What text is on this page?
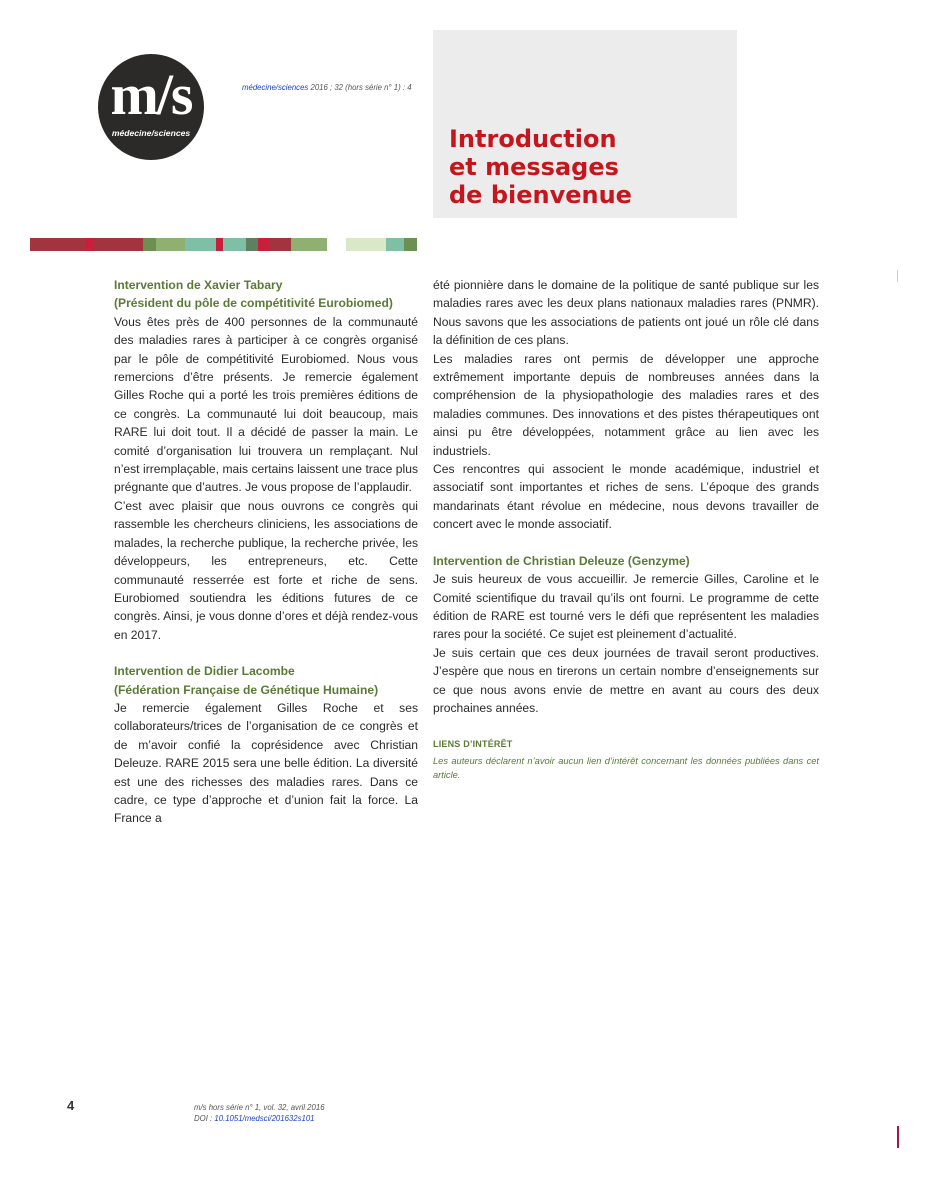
m/s
médecine/sciences
médecine/sciences 2016 ; 32 (hors série n° 1) : 4
Introduction
et messages
de bienvenue

Intervention de Xavier Tabary

(Président du pôle de compétitivité Eurobiomed)

Vous êtes près de 400 personnes de la communauté des maladies rares à participer à ce congrès organisé par le pôle de compétitivité Eurobiomed. Nous vous remercions d’être présents. Je remercie également Gilles Roche qui a porté les trois premières éditions de ce congrès. La communauté lui doit beaucoup, mais RARE lui doit tout. Il a décidé de passer la main. Le comité d’organisation lui trouvera un remplaçant. Nul n’est irremplaçable, mais certains laissent une trace plus prégnante que d’autres. Je vous propose de l’applaudir.

C’est avec plaisir que nous ouvrons ce congrès qui rassemble les chercheurs cliniciens, les associations de malades, la recherche publique, la recherche privée, les développeurs, les entrepreneurs, etc. Cette communauté resserrée est forte et riche de sens. Eurobiomed soutiendra les éditions futures de ce congrès. Ainsi, je vous donne d’ores et déjà rendez-vous en 2017.

Intervention de Didier Lacombe

(Fédération Française de Génétique Humaine)

Je remercie également Gilles Roche et ses collaborateurs/trices de l’organisation de ce congrès et de m’avoir confié la coprésidence avec Christian Deleuze. RARE 2015 sera une belle édition. La diversité est une des richesses des maladies rares. Dans ce cadre, ce type d’approche et d’union fait la force. La France a

été pionnière dans le domaine de la politique de santé publique sur les maladies rares avec les deux plans nationaux maladies rares (PNMR). Nous savons que les associations de patients ont joué un rôle clé dans la définition de ces plans.

Les maladies rares ont permis de développer une approche extrêmement importante depuis de nombreuses années dans la compréhension de la physiopathologie des maladies rares et des maladies communes. Des innovations et des pistes thérapeutiques ont ainsi pu être développées, notamment grâce au lien avec les industriels.

Ces rencontres qui associent le monde académique, industriel et associatif sont importantes et riches de sens. L’époque des grands mandarinats étant révolue en médecine, nous devons travailler de concert avec le monde associatif.

Intervention de Christian Deleuze (Genzyme)

Je suis heureux de vous accueillir. Je remercie Gilles, Caroline et le Comité scientifique du travail qu’ils ont fourni. Le programme de cette édition de RARE est tourné vers le défi que représentent les maladies rares pour la société. Ce sujet est pleinement d’actualité.

Je suis certain que ces deux journées de travail seront productives. J’espère que nous en tirerons un certain nombre d’enseignements sur ce que nous avons envie de mettre en avant au cours des deux prochaines années.

LIENS D’INTÉRÊT

Les auteurs déclarent n’avoir aucun lien d’intérêt concernant les données publiées dans cet article.

4	m/s hors série n° 1, vol. 32, avril 2016
DOI : 10.1051/medsci/201632s101
